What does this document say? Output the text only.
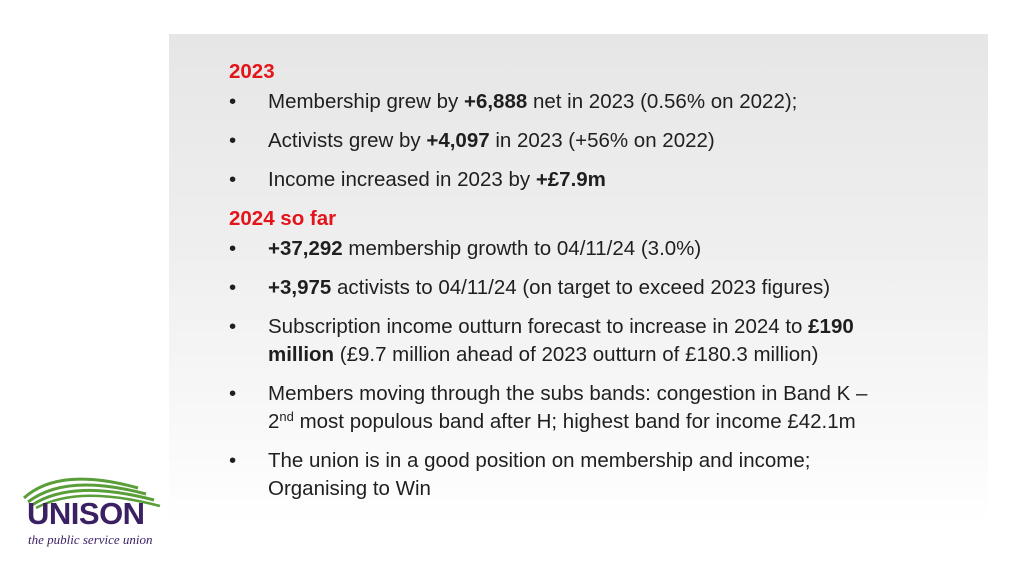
2023
•	Membership grew by +6,888 net in 2023 (0.56% on 2022);
•	Activists grew by +4,097 in 2023 (+56% on 2022)
•	Income increased in 2023 by +£7.9m
2024 so far
•	+37,292 membership growth to 04/11/24 (3.0%)
•	+3,975 activists to 04/11/24 (on target to exceed 2023 figures)
•	Subscription income outturn forecast to increase in 2024 to £190
million (£9.7 million ahead of 2023 outturn of £180.3 million)
•	Members moving through the subs bands: congestion in Band K –
2nd most populous band after H; highest band for income £42.1m
•	The union is in a good position on membership and income;
Organising to Win
UNISON
the public service union
